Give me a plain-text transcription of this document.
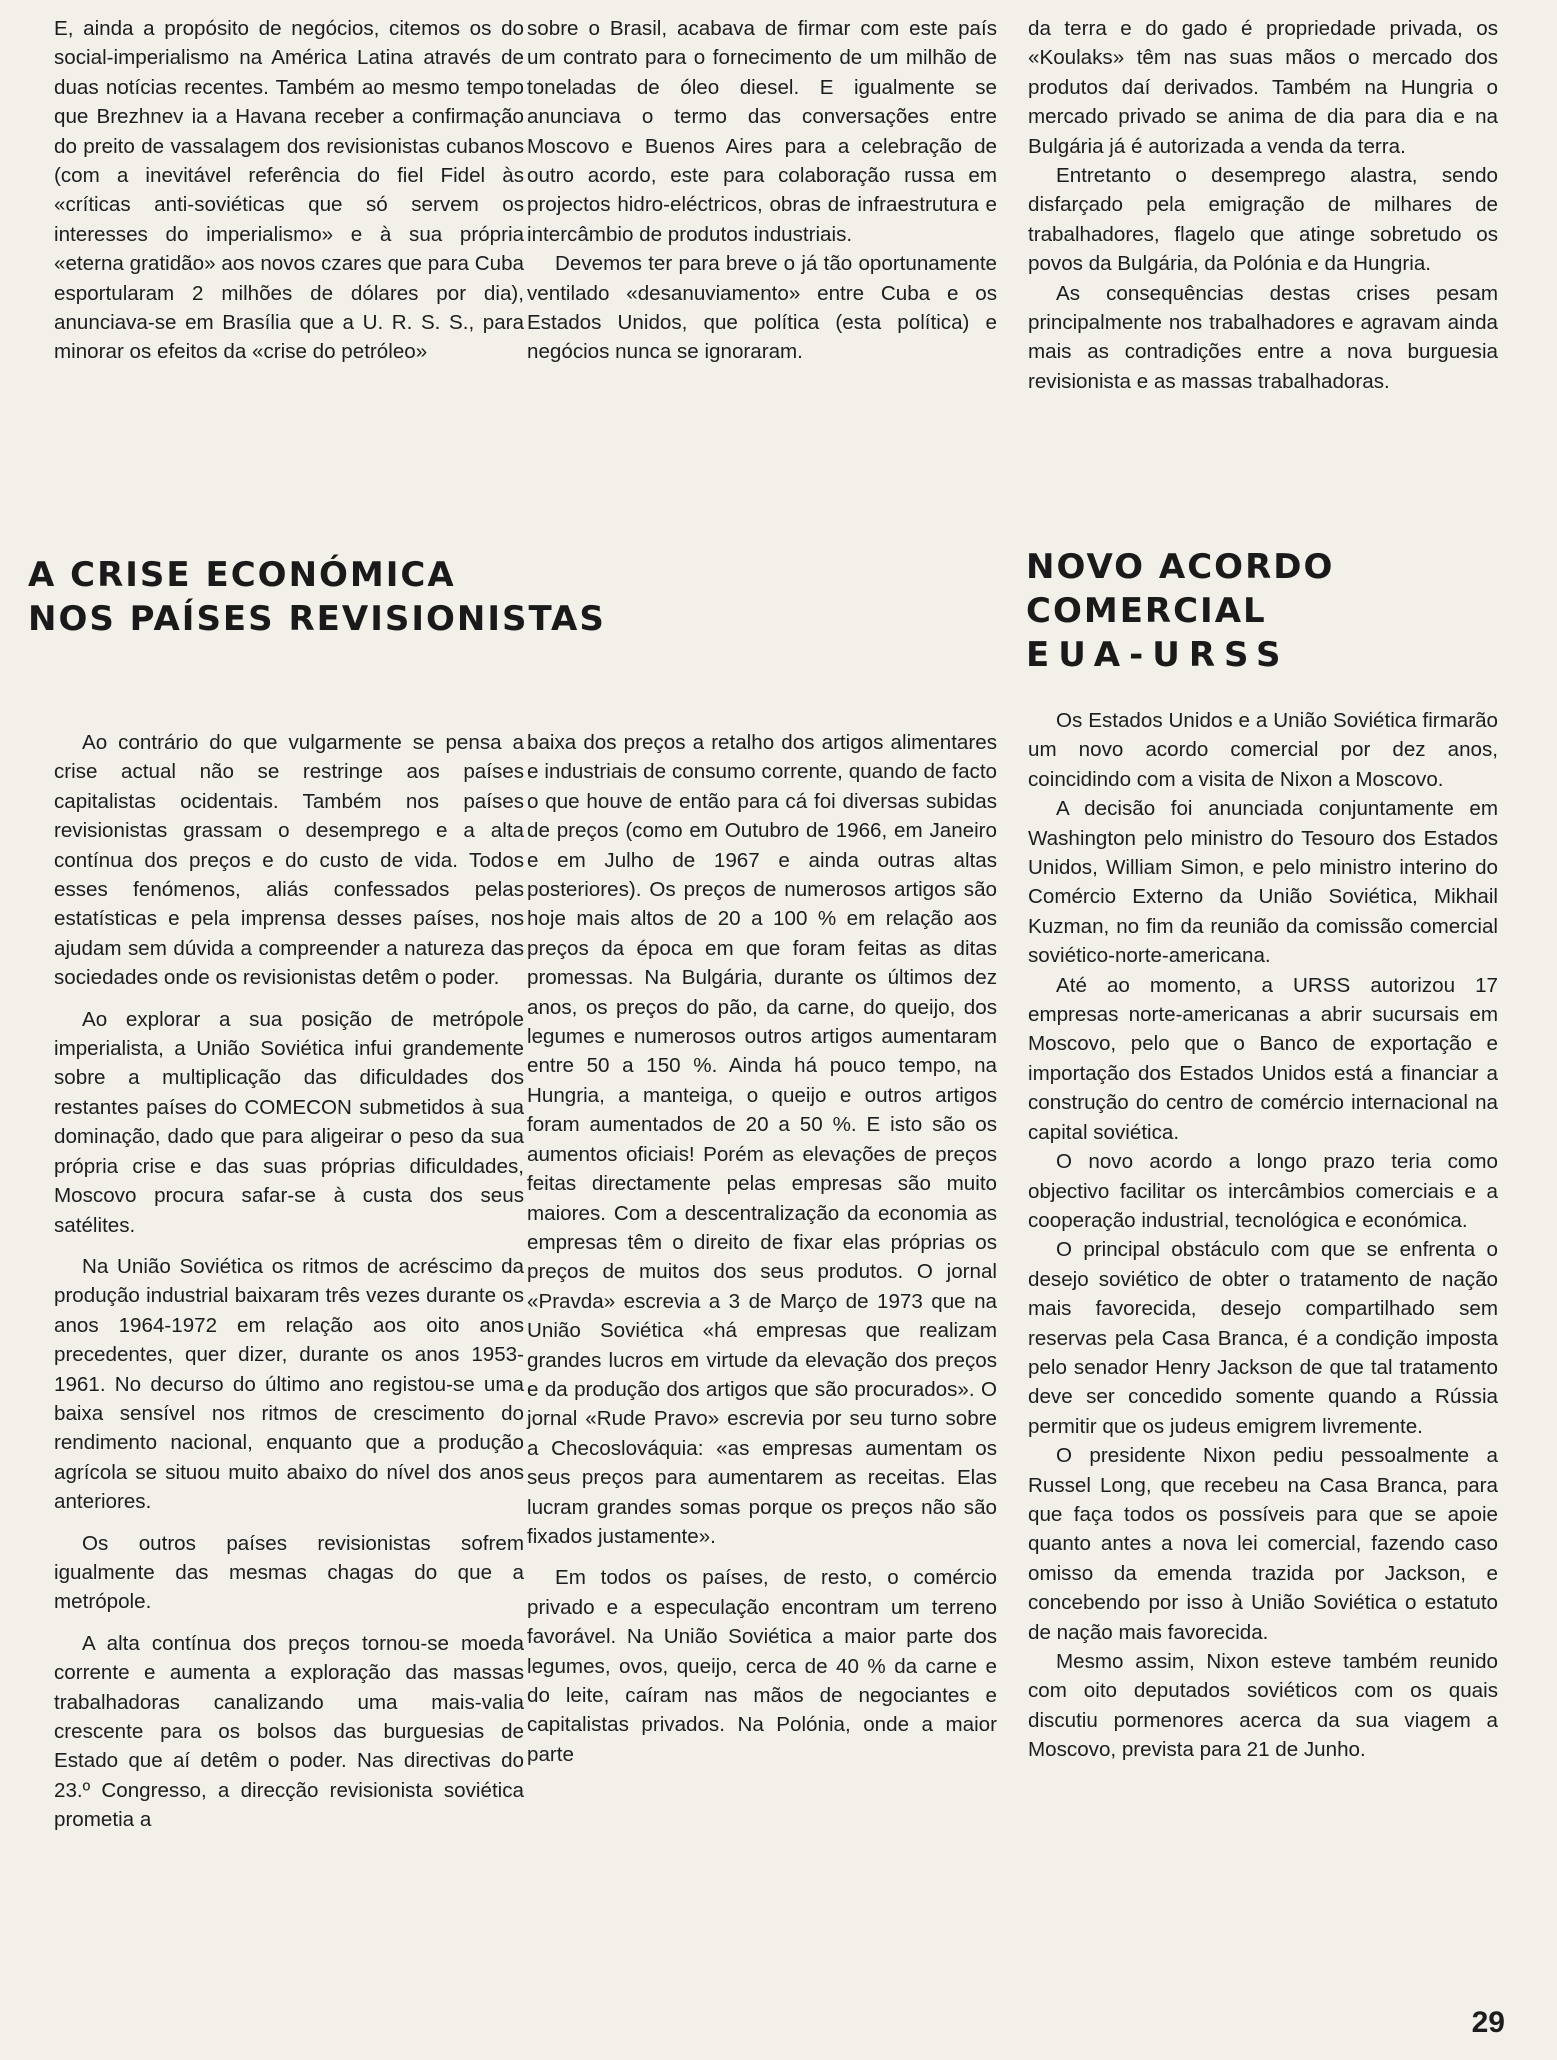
E, ainda a propósito de negócios, citemos os do social-imperialismo na América Latina através de duas notícias recentes. Também ao mesmo tempo que Brezhnev ia a Havana receber a confirmação do preito de vassalagem dos revisionistas cubanos (com a inevitável referência do fiel Fidel às «críticas anti-soviéticas que só servem os interesses do imperialismo» e à sua própria «eterna gratidão» aos novos czares que para Cuba esportularam 2 milhões de dólares por dia), anunciava-se em Brasília que a U. R. S. S., para minorar os efeitos da «crise do petróleo»

sobre o Brasil, acabava de firmar com este país um contrato para o fornecimento de um milhão de toneladas de óleo diesel. E igualmente se anunciava o termo das conversações entre Moscovo e Buenos Aires para a celebração de outro acordo, este para colaboração russa em projectos hidro-eléctricos, obras de infraestrutura e intercâmbio de produtos industriais.

Devemos ter para breve o já tão oportunamente ventilado «desanuviamento» entre Cuba e os Estados Unidos, que política (esta política) e negócios nunca se ignoraram.

da terra e do gado é propriedade privada, os «Koulaks» têm nas suas mãos o mercado dos produtos daí derivados. Também na Hungria o mercado privado se anima de dia para dia e na Bulgária já é autorizada a venda da terra.

Entretanto o desemprego alastra, sendo disfarçado pela emigração de milhares de trabalhadores, flagelo que atinge sobretudo os povos da Bulgária, da Polónia e da Hungria.

As consequências destas crises pesam principalmente nos trabalhadores e agravam ainda mais as contradições entre a nova burguesia revisionista e as massas trabalhadoras.

A CRISE ECONÓMICA
NOS PAÍSES REVISIONISTAS
NOVO ACORDO
COMERCIAL
EUA-URSS

Ao contrário do que vulgarmente se pensa a crise actual não se restringe aos países capitalistas ocidentais. Também nos países revisionistas grassam o desemprego e a alta contínua dos preços e do custo de vida. Todos esses fenómenos, aliás confessados pelas estatísticas e pela imprensa desses países, nos ajudam sem dúvida a compreender a natureza das sociedades onde os revisionistas detêm o poder.

Ao explorar a sua posição de metrópole imperialista, a União Soviética infui grandemente sobre a multiplicação das dificuldades dos restantes países do COMECON submetidos à sua dominação, dado que para aligeirar o peso da sua própria crise e das suas próprias dificuldades, Moscovo procura safar-se à custa dos seus satélites.

Na União Soviética os ritmos de acréscimo da produção industrial baixaram três vezes durante os anos 1964-1972 em relação aos oito anos precedentes, quer dizer, durante os anos 1953-1961. No decurso do último ano registou-se uma baixa sensível nos ritmos de crescimento do rendimento nacional, enquanto que a produção agrícola se situou muito abaixo do nível dos anos anteriores.

Os outros países revisionistas sofrem igualmente das mesmas chagas do que a metrópole.

A alta contínua dos preços tornou-se moeda corrente e aumenta a exploração das massas trabalhadoras canalizando uma mais-valia crescente para os bolsos das burguesias de Estado que aí detêm o poder. Nas directivas do 23.º Congresso, a direcção revisionista soviética prometia a

baixa dos preços a retalho dos artigos alimentares e industriais de consumo corrente, quando de facto o que houve de então para cá foi diversas subidas de preços (como em Outubro de 1966, em Janeiro e em Julho de 1967 e ainda outras altas posteriores). Os preços de numerosos artigos são hoje mais altos de 20 a 100 % em relação aos preços da época em que foram feitas as ditas promessas. Na Bulgária, durante os últimos dez anos, os preços do pão, da carne, do queijo, dos legumes e numerosos outros artigos aumentaram entre 50 a 150 %. Ainda há pouco tempo, na Hungria, a manteiga, o queijo e outros artigos foram aumentados de 20 a 50 %. E isto são os aumentos oficiais! Porém as elevações de preços feitas directamente pelas empresas são muito maiores. Com a descentralização da economia as empresas têm o direito de fixar elas próprias os preços de muitos dos seus produtos. O jornal «Pravda» escrevia a 3 de Março de 1973 que na União Soviética «há empresas que realizam grandes lucros em virtude da elevação dos preços e da produção dos artigos que são procurados». O jornal «Rude Pravo» escrevia por seu turno sobre a Checoslováquia: «as empresas aumentam os seus preços para aumentarem as receitas. Elas lucram grandes somas porque os preços não são fixados justamente».

Em todos os países, de resto, o comércio privado e a especulação encontram um terreno favorável. Na União Soviética a maior parte dos legumes, ovos, queijo, cerca de 40 % da carne e do leite, caíram nas mãos de negociantes e capitalistas privados. Na Polónia, onde a maior parte

Os Estados Unidos e a União Soviética firmarão um novo acordo comercial por dez anos, coincidindo com a visita de Nixon a Moscovo.

A decisão foi anunciada conjuntamente em Washington pelo ministro do Tesouro dos Estados Unidos, William Simon, e pelo ministro interino do Comércio Externo da União Soviética, Mikhail Kuzman, no fim da reunião da comissão comercial soviético-norte-americana.

Até ao momento, a URSS autorizou 17 empresas norte-americanas a abrir sucursais em Moscovo, pelo que o Banco de exportação e importação dos Estados Unidos está a financiar a construção do centro de comércio internacional na capital soviética.

O novo acordo a longo prazo teria como objectivo facilitar os intercâmbios comerciais e a cooperação industrial, tecnológica e económica.

O principal obstáculo com que se enfrenta o desejo soviético de obter o tratamento de nação mais favorecida, desejo compartilhado sem reservas pela Casa Branca, é a condição imposta pelo senador Henry Jackson de que tal tratamento deve ser concedido somente quando a Rússia permitir que os judeus emigrem livremente.

O presidente Nixon pediu pessoalmente a Russel Long, que recebeu na Casa Branca, para que faça todos os possíveis para que se apoie quanto antes a nova lei comercial, fazendo caso omisso da emenda trazida por Jackson, e concebendo por isso à União Soviética o estatuto de nação mais favorecida.

Mesmo assim, Nixon esteve também reunido com oito deputados soviéticos com os quais discutiu pormenores acerca da sua viagem a Moscovo, prevista para 21 de Junho.

29
